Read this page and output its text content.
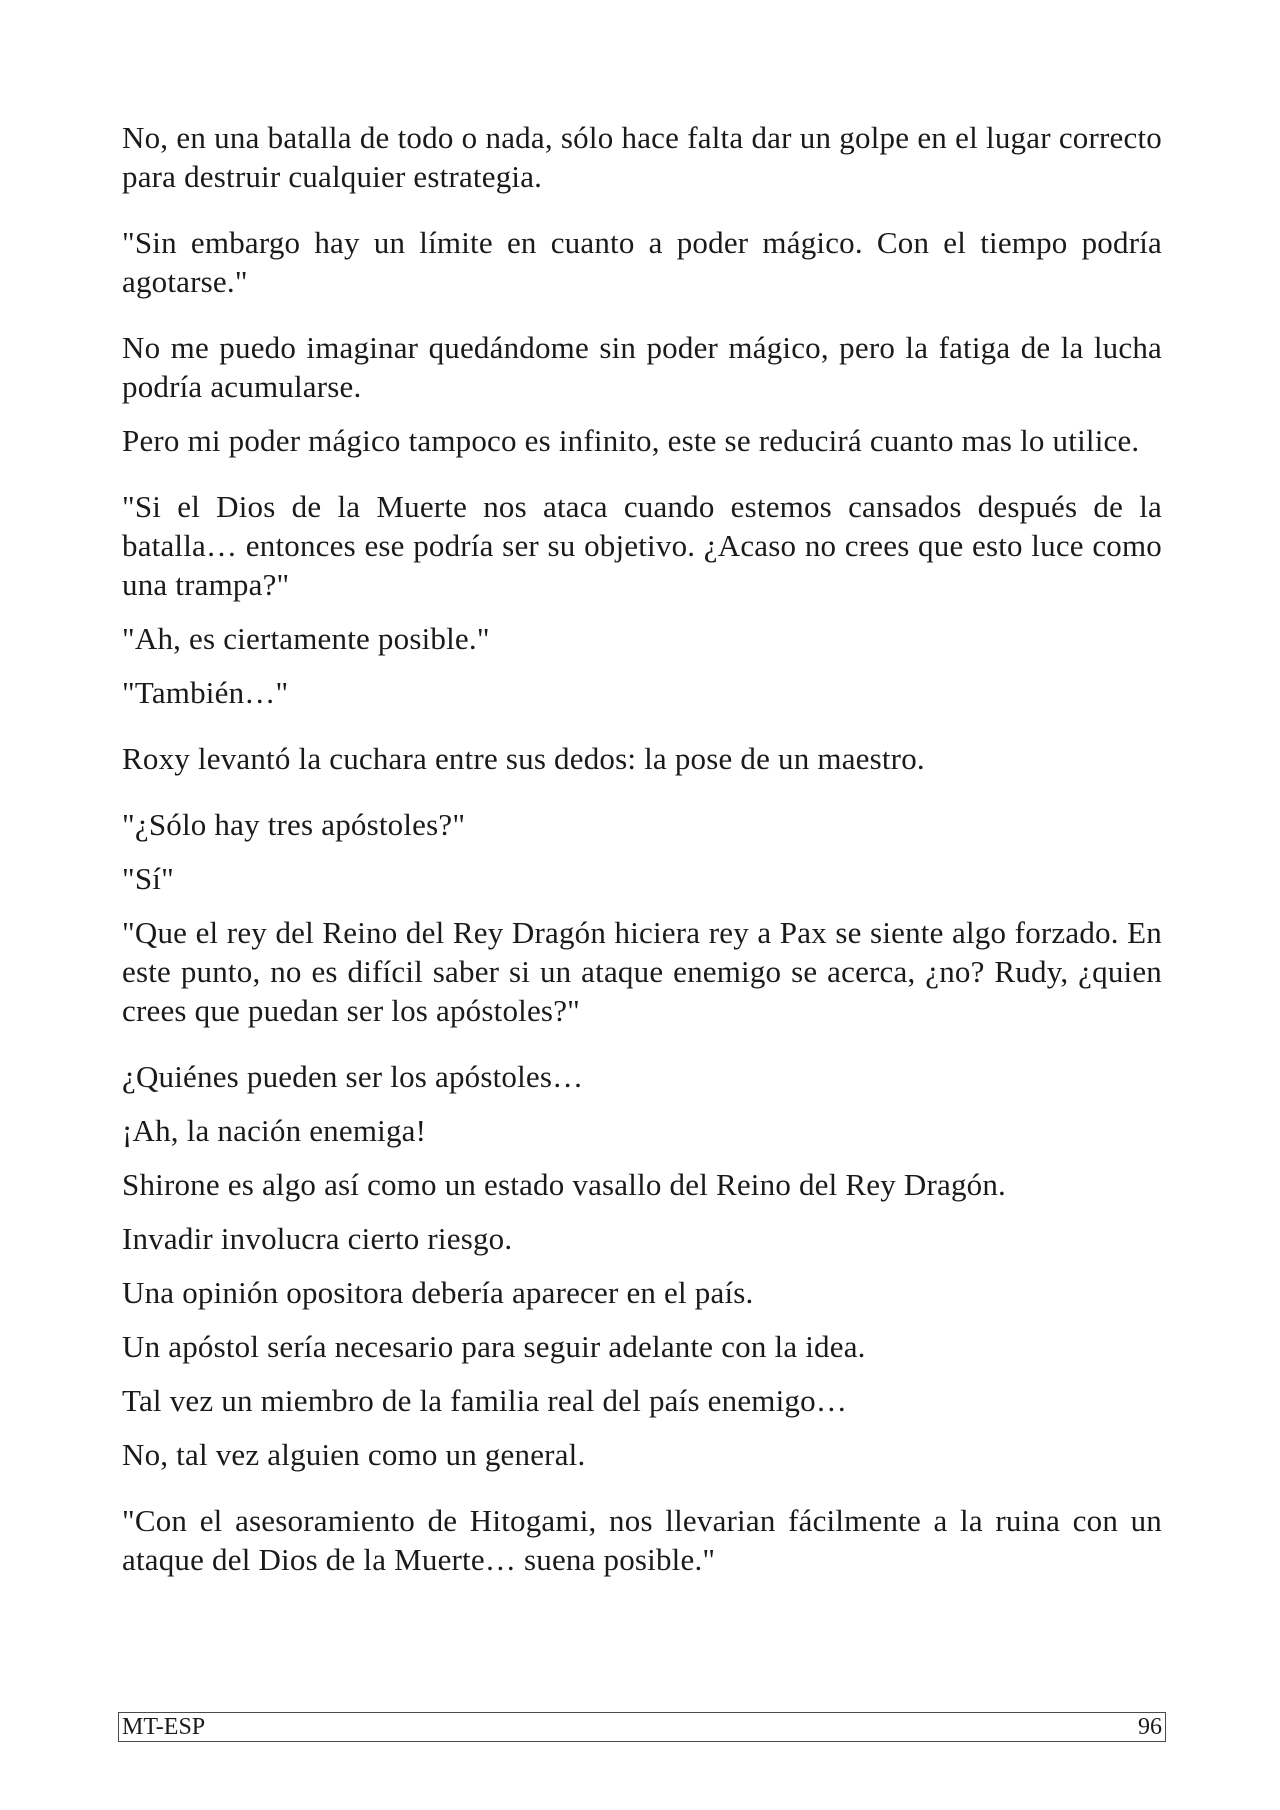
No, en una batalla de todo o nada, sólo hace falta dar un golpe en el lugar correcto para destruir cualquier estrategia.

"Sin embargo hay un límite en cuanto a poder mágico. Con el tiempo podría agotarse."

No me puedo imaginar quedándome sin poder mágico, pero la fatiga de la lucha podría acumularse.

Pero mi poder mágico tampoco es infinito, este se reducirá cuanto mas lo utilice.

"Si el Dios de la Muerte nos ataca cuando estemos cansados después de la batalla… entonces ese podría ser su objetivo. ¿Acaso no crees que esto luce como una trampa?"

"Ah, es ciertamente posible."

"También…"

Roxy levantó la cuchara entre sus dedos: la pose de un maestro.

"¿Sólo hay tres apóstoles?"

"Sí"

"Que el rey del Reino del Rey Dragón hiciera rey a Pax se siente algo forzado. En este punto, no es difícil saber si un ataque enemigo se acerca, ¿no? Rudy, ¿quien crees que puedan ser los apóstoles?"

¿Quiénes pueden ser los apóstoles…

¡Ah, la nación enemiga!

Shirone es algo así como un estado vasallo del Reino del Rey Dragón.

Invadir involucra cierto riesgo.

Una opinión opositora debería aparecer en el país.

Un apóstol sería necesario para seguir adelante con la idea.

Tal vez un miembro de la familia real del país enemigo…

No, tal vez alguien como un general.

"Con el asesoramiento de Hitogami, nos llevarian fácilmente a la ruina con un ataque del Dios de la Muerte… suena posible."

MT-ESP	96
